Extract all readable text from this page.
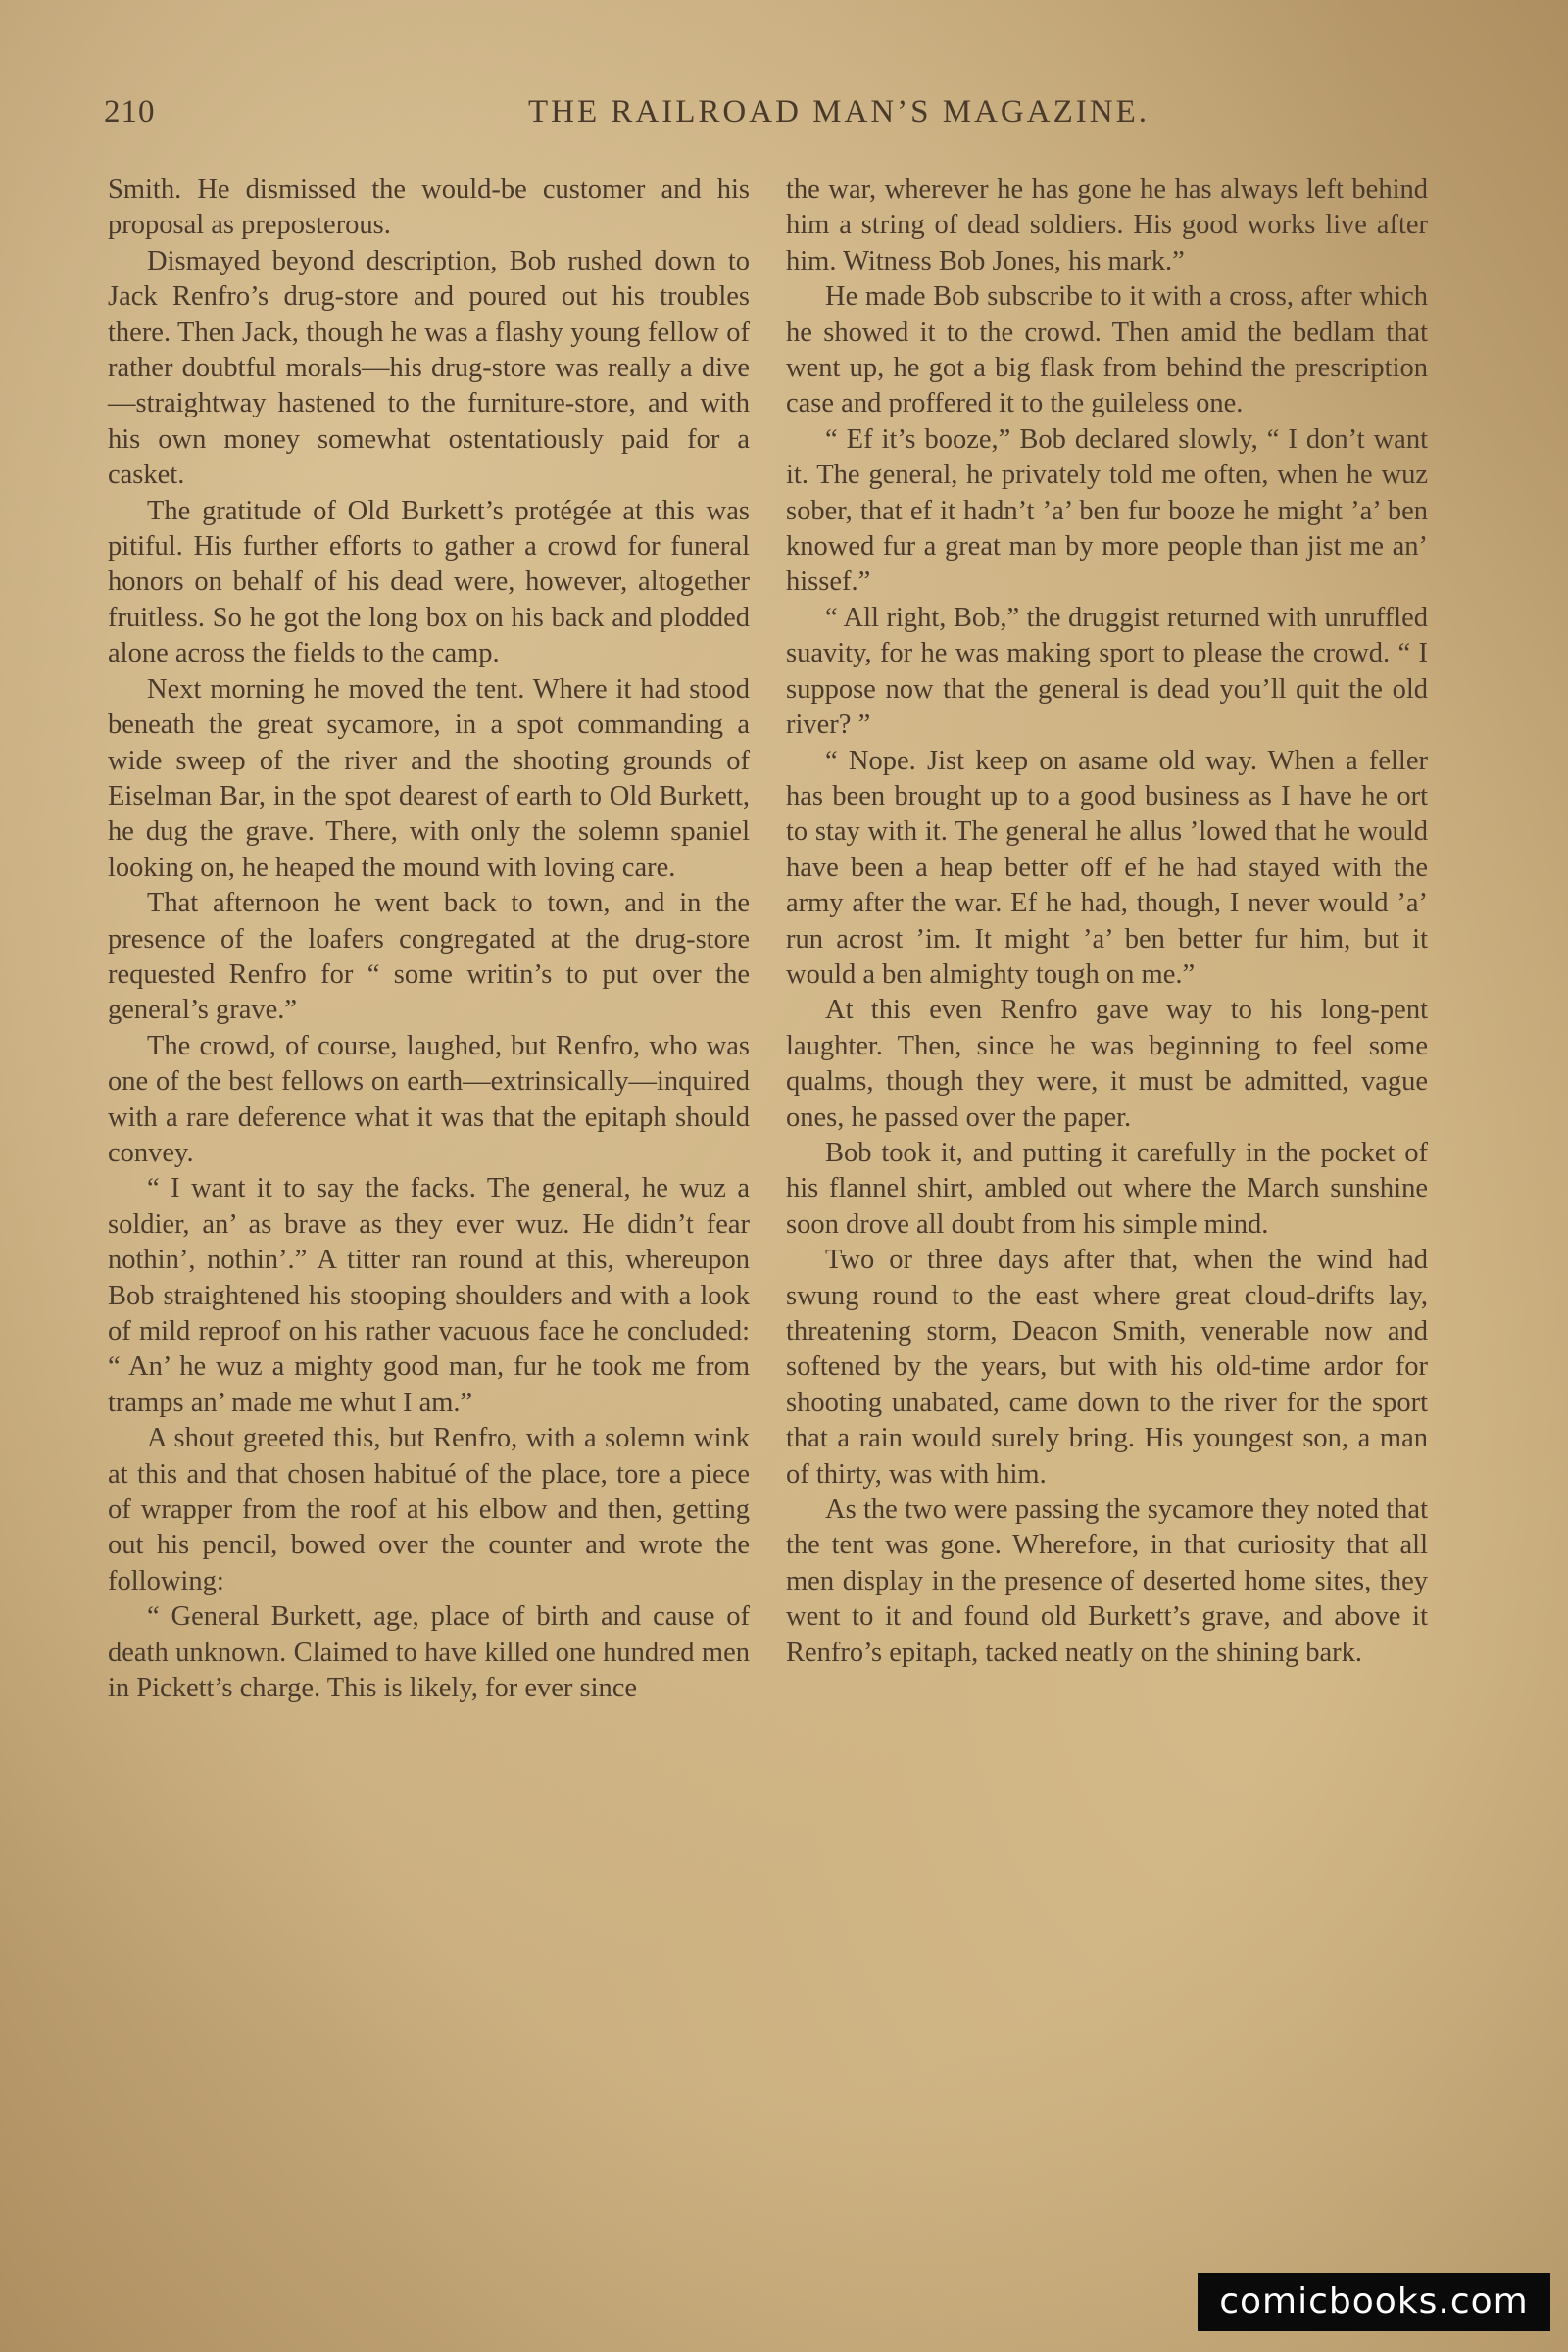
210	THE RAILROAD MAN’S MAGAZINE.

Smith. He dismissed the would-be customer and his proposal as preposterous.

Dismayed beyond description, Bob rushed down to Jack Renfro’s drug-store and poured out his troubles there. Then Jack, though he was a flashy young fellow of rather doubtful morals—his drug-store was really a dive—straightway hastened to the furniture-store, and with his own money somewhat ostentatiously paid for a casket.

The gratitude of Old Burkett’s protégée at this was pitiful. His further efforts to gather a crowd for funeral honors on behalf of his dead were, however, altogether fruitless. So he got the long box on his back and plodded alone across the fields to the camp.

Next morning he moved the tent. Where it had stood beneath the great sycamore, in a spot commanding a wide sweep of the river and the shooting grounds of Eiselman Bar, in the spot dearest of earth to Old Burkett, he dug the grave. There, with only the solemn spaniel looking on, he heaped the mound with loving care.

That afternoon he went back to town, and in the presence of the loafers congregated at the drug-store requested Renfro for “ some writin’s to put over the general’s grave.”

The crowd, of course, laughed, but Renfro, who was one of the best fellows on earth—extrinsically—inquired with a rare deference what it was that the epitaph should convey.

“ I want it to say the facks. The general, he wuz a soldier, an’ as brave as they ever wuz. He didn’t fear nothin’, nothin’.” A titter ran round at this, whereupon Bob straightened his stooping shoulders and with a look of mild reproof on his rather vacuous face he concluded: “ An’ he wuz a mighty good man, fur he took me from tramps an’ made me whut I am.”

A shout greeted this, but Renfro, with a solemn wink at this and that chosen habitué of the place, tore a piece of wrapper from the roof at his elbow and then, getting out his pencil, bowed over the counter and wrote the following:

“ General Burkett, age, place of birth and cause of death unknown. Claimed to have killed one hundred men in Pickett’s charge. This is likely, for ever since

the war, wherever he has gone he has always left behind him a string of dead soldiers. His good works live after him. Witness Bob Jones, his mark.”

He made Bob subscribe to it with a cross, after which he showed it to the crowd. Then amid the bedlam that went up, he got a big flask from behind the prescription case and proffered it to the guileless one.

“ Ef it’s booze,” Bob declared slowly, “ I don’t want it. The general, he privately told me often, when he wuz sober, that ef it hadn’t ’a’ ben fur booze he might ’a’ ben knowed fur a great man by more people than jist me an’ hissef.”

“ All right, Bob,” the druggist returned with unruffled suavity, for he was making sport to please the crowd. “ I suppose now that the general is dead you’ll quit the old river? ”

“ Nope. Jist keep on asame old way. When a feller has been brought up to a good business as I have he ort to stay with it. The general he allus ’lowed that he would have been a heap better off ef he had stayed with the army after the war. Ef he had, though, I never would ’a’ run acrost ’im. It might ’a’ ben better fur him, but it would a ben almighty tough on me.”

At this even Renfro gave way to his long-pent laughter. Then, since he was beginning to feel some qualms, though they were, it must be admitted, vague ones, he passed over the paper.

Bob took it, and putting it carefully in the pocket of his flannel shirt, ambled out where the March sunshine soon drove all doubt from his simple mind.

Two or three days after that, when the wind had swung round to the east where great cloud-drifts lay, threatening storm, Deacon Smith, venerable now and softened by the years, but with his old-time ardor for shooting unabated, came down to the river for the sport that a rain would surely bring. His youngest son, a man of thirty, was with him.

As the two were passing the sycamore they noted that the tent was gone. Wherefore, in that curiosity that all men display in the presence of deserted home sites, they went to it and found old Burkett’s grave, and above it Renfro’s epitaph, tacked neatly on the shining bark.

comicbooks.com
